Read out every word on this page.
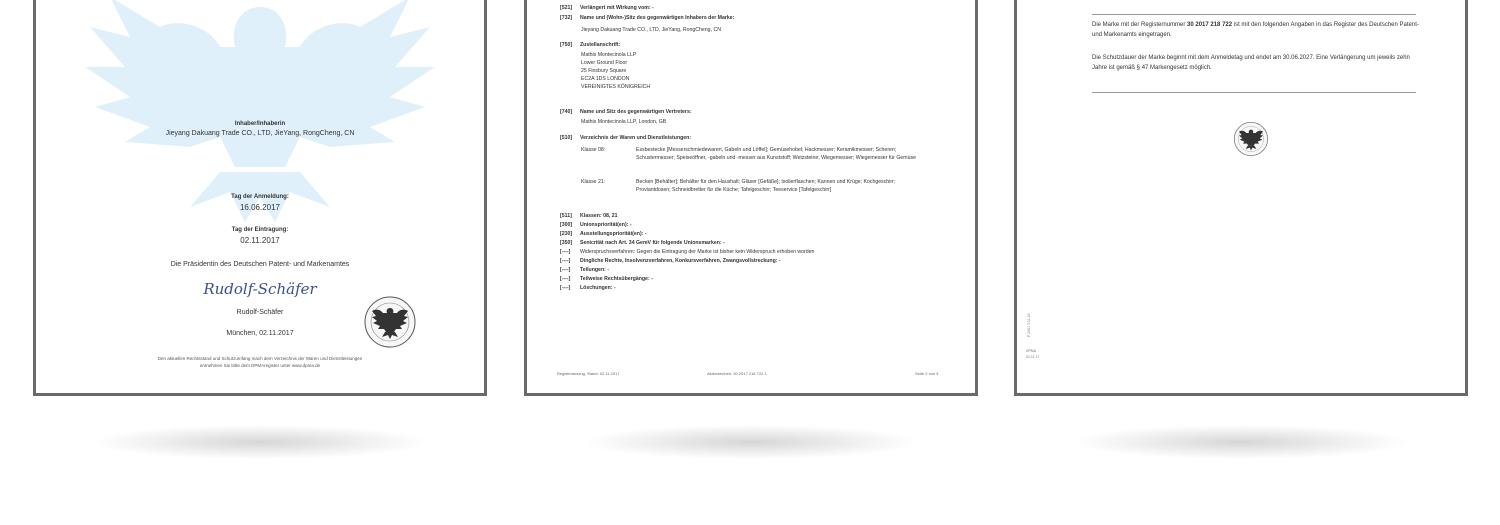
Inhaber/Inhaberin
Jieyang Dakuang Trade CO., LTD, JieYang, RongCheng, CN
Tag der Anmeldung:
16.06.2017
Tag der Eintragung:
02.11.2017
Die Präsidentin des Deutschen Patent- und Markenamtes
Rudolf-Schäfer
Rudolf-Schäfer
München, 02.11.2017
Den aktuellen Rechtsstand und Schutzumfang mach dem Verzeichnis der Waren und Dienstleistungen
entnehmen Sie bitte dem DPMAregister unter www.dpma.de
[521] Verlängert mit Wirkung vom: -
[732] Name und (Wohn-)Sitz des gegenwärtigen Inhabers der Marke:
Jieyang Dakuang Trade CO., LTD, JieYang, RongCheng, CN
[750] Zustellanschrift:
Mathis Montecinola LLP
Lower Ground Floor
25 Finsbury Square
EC2A 1DS LONDON
VEREINIGTES KÖNIGREICH
[740] Name und Sitz des gegenwärtigen Vertreters:
Mathis Montecinola LLP, London, GB
[510] Verzeichnis der Waren und Dienstleistungen:
Klasse 08:	Essbestecke [Messerschmiedewaren, Gabeln und Löffel]; Gemüsehobel; Hackmesser; Keramikmesser; Scheren; Schustermesser; Speiseöffner, -gabeln und -messer aus Kunststoff; Wetzsteine; Wiegemesser; Wiegemesser für Gemüse
Klasse 21:	Becken [Behälter]; Behälter für den Haushalt; Gläser [Gefäße]; Isolierflaschen; Kannen und Krüge; Kochgeschirr; Proviantdosen; Schneidbretter für die Küche; Tafelgeschirr; Teeservice [Tafelgeschirr]
[511] Klassen: 08, 21
[300] Unionspriorität(en): -
[230] Ausstellungspriorität(en): -
[350] Senicrität nach Art. 34 GemV für folgende Unionsmarken: -
[----] Widerspruchsverfahren: Gegen die Eintragung der Marke ist bisher kein Widerspruch erhoben worden
[----] Dingliche Rechte, Insolvenzverfahren, Konkursverfahren, Zwangsvollstreckung: -
[----] Teilungen: -
[----] Teilweise Rechtsübergänge: -
[----] Löschungen: -
Registerauszug, Stand: 02.11.2017	Aktenzeichen: 30 2017 218 722.1	Seite 2 von 3
Die Marke mit der Registernummer 30 2017 218 722 ist mit den folgenden Angaben in das Register des Deutschen Patent- und Markenamts eingetragen.
Die Schutzdauer der Marke beginnt mit dem Anmeldetag und endet am 30.06.2027. Eine Verlängerung um jeweils zehn Jahre ist gemäß § 47 Markengesetz möglich.
P 2401 T.01.18
DPMA
02.11.17
